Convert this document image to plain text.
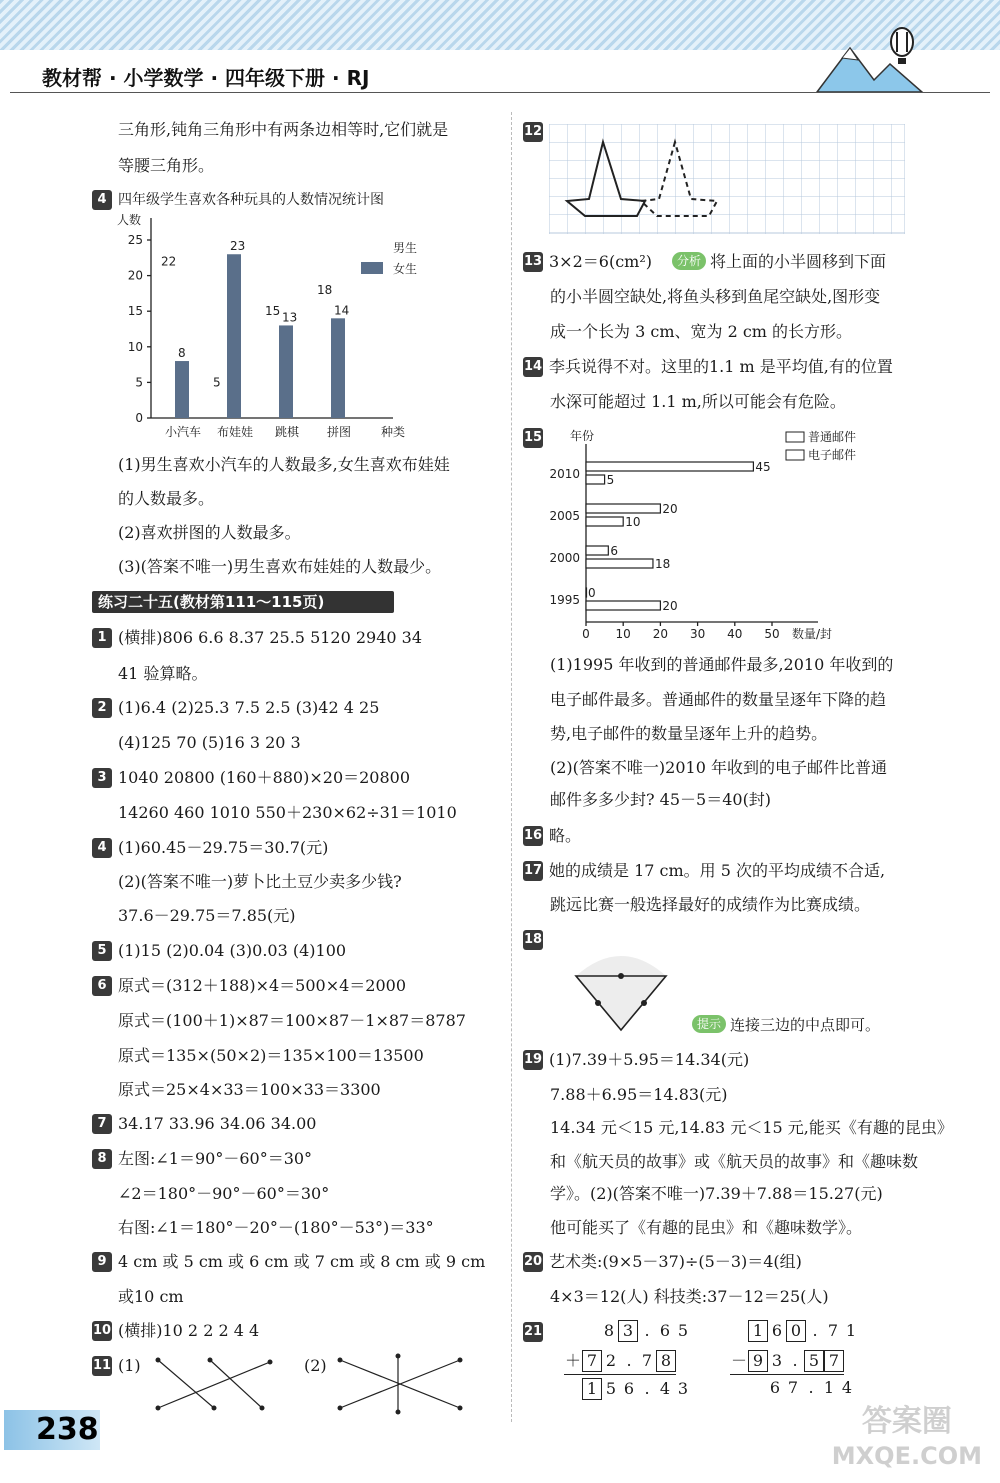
教材帮 · 小学数学 · 四年级下册 · RJ
三角形,钝角三角形中有两条边相等时,它们就是
等腰三角形。
4 四年级学生喜欢各种玩具的人数情况统计图
人数
0
5
10
15
20
25
8
22
小汽车
23
5
布娃娃
13
15
跳棋
14
18
拼图 种类
男生
女生
(1)男生喜欢小汽车的人数最多,女生喜欢布娃娃
的人数最多。
(2)喜欢拼图的人数最多。
(3)(答案不唯一)男生喜欢布娃娃的人数最少。
练习二十五(教材第111～115页)
1 (横排)806 6.6 8.37 25.5 5120 2940 34
41 验算略。
2 (1)6.4 (2)25.3 7.5 2.5 (3)42 4 25
(4)125 70 (5)16 3 20 3
3 1040 20800 (160＋880)×20＝20800
14260 460 1010 550＋230×62÷31＝1010
4 (1)60.45－29.75＝30.7(元)
(2)(答案不唯一)萝卜比土豆少卖多少钱?
37.6－29.75＝7.85(元)
5 (1)15 (2)0.04 (3)0.03 (4)100
6 原式＝(312＋188)×4＝500×4＝2000
原式＝(100＋1)×87＝100×87－1×87＝8787
原式＝135×(50×2)＝135×100＝13500
原式＝25×4×33＝100×33＝3300
7 34.17 33.96 34.06 34.00
8 左图:∠1＝90°－60°＝30°
∠2＝180°－90°－60°＝30°
右图:∠1＝180°－20°－(180°－53°)＝33°
9 4 cm 或 5 cm 或 6 cm 或 7 cm 或 8 cm 或 9 cm
或10 cm
10 (横排)10 2 2 2 4 4
11 (1)	(2)
12
13 3×2＝6(cm²) 分析 将上面的小半圆移到下面
的小半圆空缺处,将鱼头移到鱼尾空缺处,图形变
成一个长为 3 cm、宽为 2 cm 的长方形。
15	年份
数量/封
0 10 20 30 40 50
1995 0
20
2000	6
18
2005	20
10
2010	45
5
普通邮件
电子邮件
14 李兵说得不对。这里的1.1 m 是平均值,有的位置
水深可能超过 1.1 m,所以可能会有危险。
(1)1995 年收到的普通邮件最多,2010 年收到的
电子邮件最多。普通邮件的数量呈逐年下降的趋
势,电子邮件的数量呈逐年上升的趋势。
(2)(答案不唯一)2010 年收到的电子邮件比普通
邮件多多少封? 45－5＝40(封)
16 略。
17 她的成绩是 17 cm。用 5 次的平均成绩不合适,
跳远比赛一般选择最好的成绩作为比赛成绩。
18
19 (1)7.39＋5.95＝14.34(元)
7.88＋6.95＝14.83(元)
14.34 元＜15 元,14.83 元＜15 元,能买《有趣的昆虫》
和《航天员的故事》或《航天员的故事》和《趣味数
学》。(2)(答案不唯一)7.39＋7.88＝15.27(元)
他可能买了《有趣的昆虫》和《趣味数学》。
20 艺术类:(9×5－37)÷(5－3)＝4(组)
4×3＝12(人) 科技类:37－12＝25(人)
提示 连接三边的中点即可。
21	8 3 . 6 5
＋ 7 2 . 7 8
1 5 6 . 4 3
1 6 0 . 7 1
－ 9 3 . 5 7
6 7 . 1 4
238	答案圈
MXQE.COM
